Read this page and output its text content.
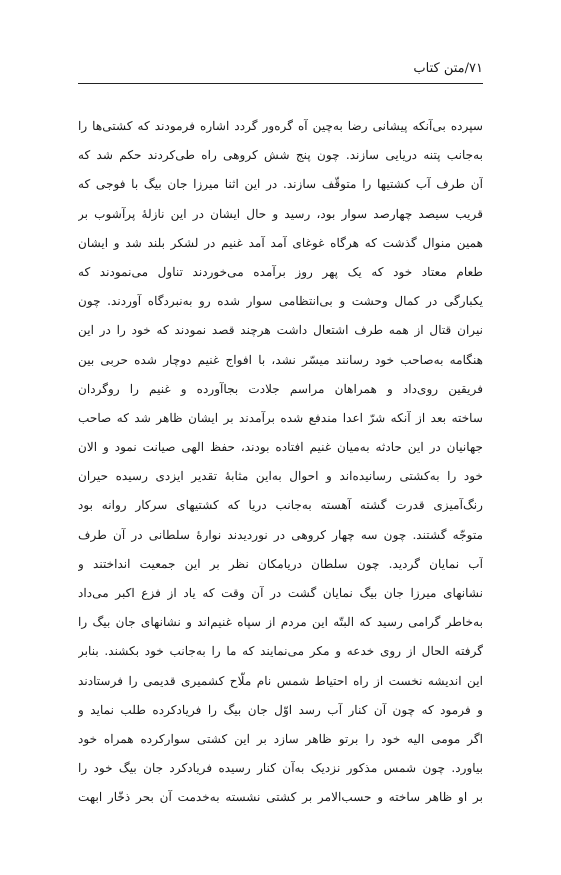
۷۱/متن کتاب
سپرده بی‌آنکه پیشانی رضا به‌چین آه گره‌ور گردد اشاره فرمودند که کشتی‌ها را
به‌جانب پتنه دریایی سازند. چون پنج شش کروهی راه طی‌کردند حکم شد که
آن طرف آب کشتیها را متوقّف سازند. در این اثنا میرزا جان بیگ با فوجی که
قریب سیصد چهارصد سوار بود، رسید و حال ایشان در این نازلهٔ پرآشوب بر
همین منوال گذشت که هرگاه غوغای آمد آمد غنیم در لشکر بلند شد و ایشان
طعام معتاد خود که یک پهر روز برآمده می‌خوردند تناول می‌نمودند که
یکبارگی در کمال وحشت و بی‌انتظامی سوار شده رو به‌نبردگاه آوردند. چون
نیران قتال از همه طرف اشتعال داشت هرچند قصد نمودند که خود را در این
هنگامه به‌صاحب خود رسانند میسّر نشد، با افواج غنیم دوچار شده حربی بین
فریقین روی‌داد و همراهان مراسم جلادت بجا‌آورده و غنیم را روگردان
ساخته بعد از آنکه شرّ اعدا مندفع شده برآمدند بر ایشان ظاهر شد که صاحب
جهانیان در این حادثه به‌میان غنیم افتاده بودند، حفظ الهی صیانت نمود و الان
خود را به‌کشتی رسانیده‌اند و احوال به‌این مثابهٔ تقدیر ایزدی رسیده حیران
رنگ‌آمیزی قدرت گشته آهسته به‌جانب دریا که کشتیهای سرکار روانه بود
متوجّه گشتند. چون سه چهار کروهی در نوردیدند نوارهٔ سلطانی در آن طرف
آب نمایان گردید. چون سلطان دریامکان نظر بر این جمعیت انداختند و
نشانهای میرزا جان بیگ نمایان گشت در آن وقت که یاد از فزع اکبر می‌داد
به‌خاطر گرامی رسید که البتّه این مردم از سپاه غنیم‌اند و نشانهای جان بیگ را
گرفته الحال از روی خدعه و مکر می‌نمایند که ما را به‌جانب خود بکشند. بنابر
این اندیشه نخست از راه احتیاط شمس نام ملّاح کشمیری قدیمی را فرستادند
و فرمود که چون آن کنار آب رسد اوّل جان بیگ را فریادکرده طلب نماید و
اگر مومی الیه خود را برتو ظاهر سازد بر این کشتی سوارکرده همراه خود
بیاورد. چون شمس مذکور نزدیک به‌آن کنار رسیده فریادکرد جان بیگ خود را
بر او ظاهر ساخته و حسب‌الامر بر کشتی نشسته به‌خدمت آن بحر ذخّار ابهت
